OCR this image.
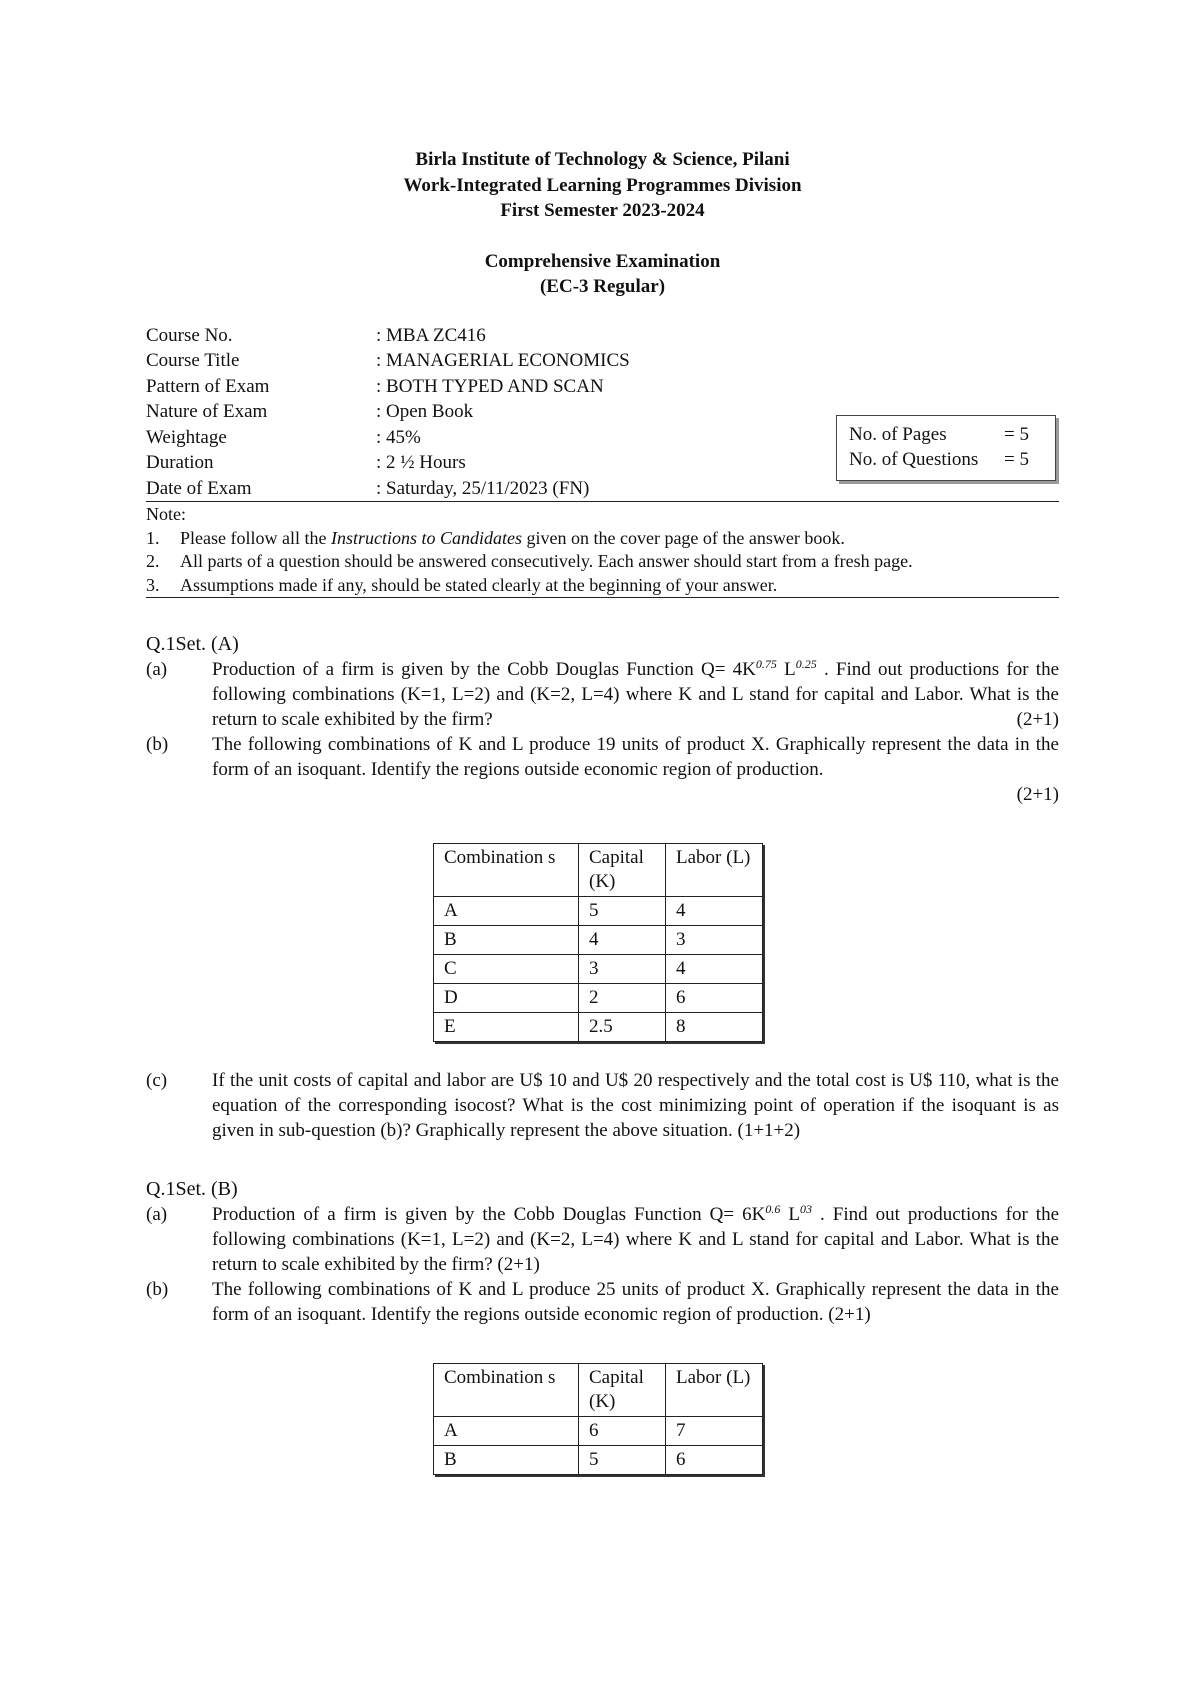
Birla Institute of Technology & Science, Pilani
Work-Integrated Learning Programmes Division
First Semester 2023-2024
Comprehensive Examination
(EC-3 Regular)
Course No.	: MBA ZC416
Course Title	: MANAGERIAL ECONOMICS
Pattern of Exam	: BOTH TYPED AND SCAN
Nature of Exam	: Open Book
Weightage	: 45%
Duration	: 2 ½ Hours
Date of Exam	: Saturday, 25/11/2023 (FN)
No. of Pages	= 5
No. of Questions	= 5
Note:
1.	Please follow all the Instructions to Candidates given on the cover page of the answer book.
2.	All parts of a question should be answered consecutively. Each answer should start from a fresh page.
3.	Assumptions made if any, should be stated clearly at the beginning of your answer.
Q.1Set. (A)
(a)	Production of a firm is given by the Cobb Douglas Function $Q= 4K^{0.75}$ $L^{0.25}$ . Find out productions for the following combinations (K=1, L=2) and (K=2, L=4) where K and L stand for capital and Labor. What is the return to scale exhibited by the firm?	(2+1)
(b)	The following combinations of K and L produce 19 units of product X. Graphically represent the data in the form of an isoquant. Identify the regions outside economic region of production.
(2+1)
Combination s	Capital (K)	Labor (L)
A	5	4
B	4	3
C	3	4
D	2	6
E	2.5	8
(c)	If the unit costs of capital and labor are U$ 10 and U$ 20 respectively and the total cost is U$ 110, what is the equation of the corresponding isocost? What is the cost minimizing point of operation if the isoquant is as given in sub-question (b)? Graphically represent the above situation. (1+1+2)
Q.1Set. (B)
(a)	Production of a firm is given by the Cobb Douglas Function $Q= 6K^{0.6}$ $L^{03}$ . Find out productions for the following combinations (K=1, L=2) and (K=2, L=4) where K and L stand for capital and Labor. What is the return to scale exhibited by the firm? (2+1)
(b)	The following combinations of K and L produce 25 units of product X. Graphically represent the data in the form of an isoquant. Identify the regions outside economic region of production. (2+1)
Combination s	Capital (K)	Labor (L)
A	6	7
B	5	6
